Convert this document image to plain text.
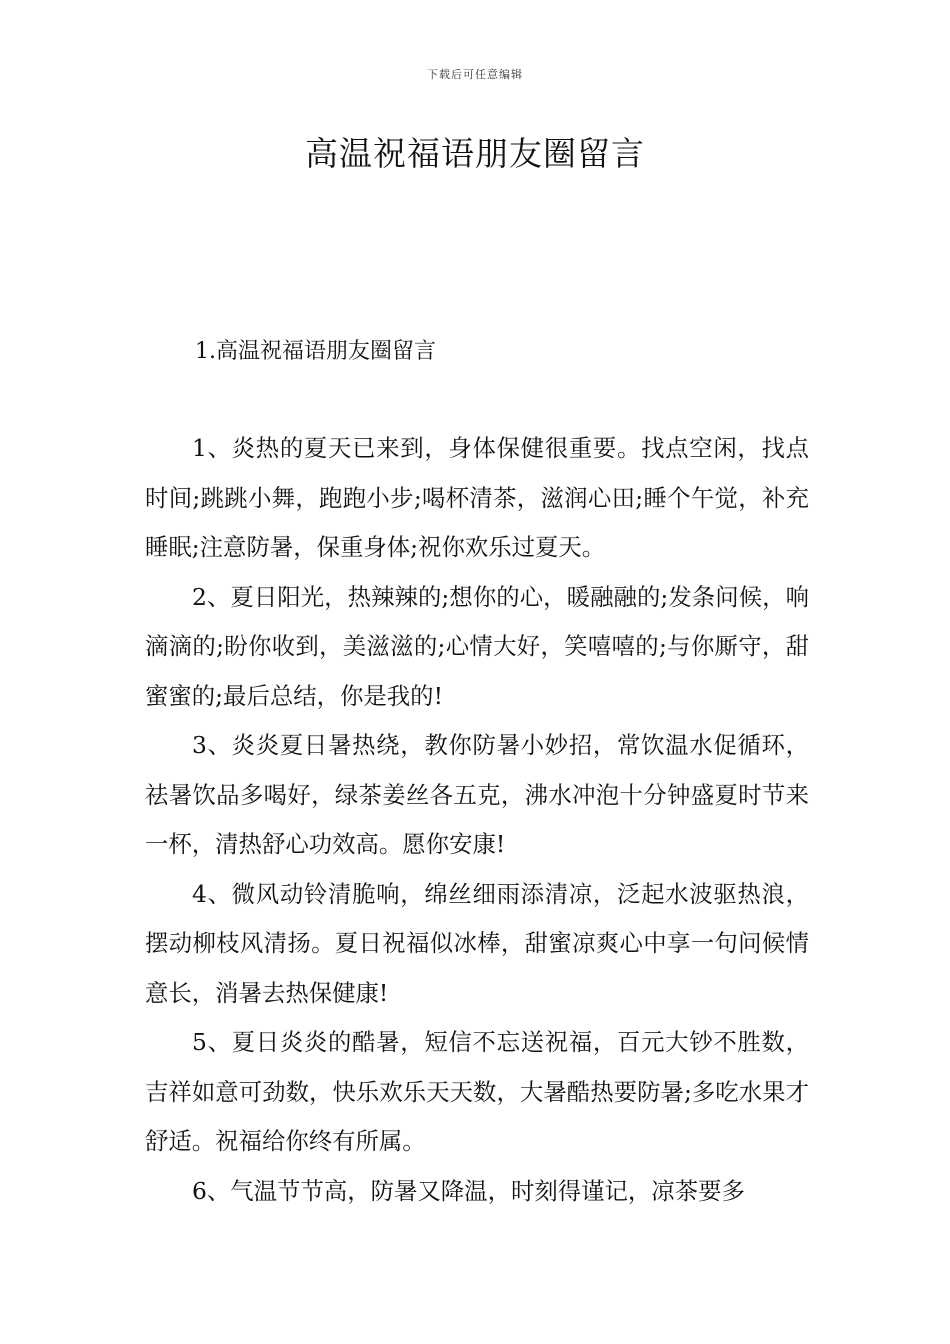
下载后可任意编辑
高温祝福语朋友圈留言
1.高温祝福语朋友圈留言

1、炎热的夏天已来到，身体保健很重要。找点空闲，找点时间;跳跳小舞，跑跑小步;喝杯清茶，滋润心田;睡个午觉，补充睡眠;注意防暑，保重身体;祝你欢乐过夏天。

2、夏日阳光，热辣辣的;想你的心，暖融融的;发条问候，响滴滴的;盼你收到，美滋滋的;心情大好，笑嘻嘻的;与你厮守，甜蜜蜜的;最后总结，你是我的!

3、炎炎夏日暑热绕，教你防暑小妙招，常饮温水促循环，祛暑饮品多喝好，绿茶姜丝各五克，沸水冲泡十分钟盛夏时节来一杯，清热舒心功效高。愿你安康!

4、微风动铃清脆响，绵丝细雨添清凉，泛起水波驱热浪，摆动柳枝风清扬。夏日祝福似冰棒，甜蜜凉爽心中享一句问候情意长，消暑去热保健康!

5、夏日炎炎的酷暑，短信不忘送祝福，百元大钞不胜数，吉祥如意可劲数，快乐欢乐天天数，大暑酷热要防暑;多吃水果才舒适。祝福给你终有所属。

6、气温节节高，防暑又降温，时刻得谨记，凉茶要多
